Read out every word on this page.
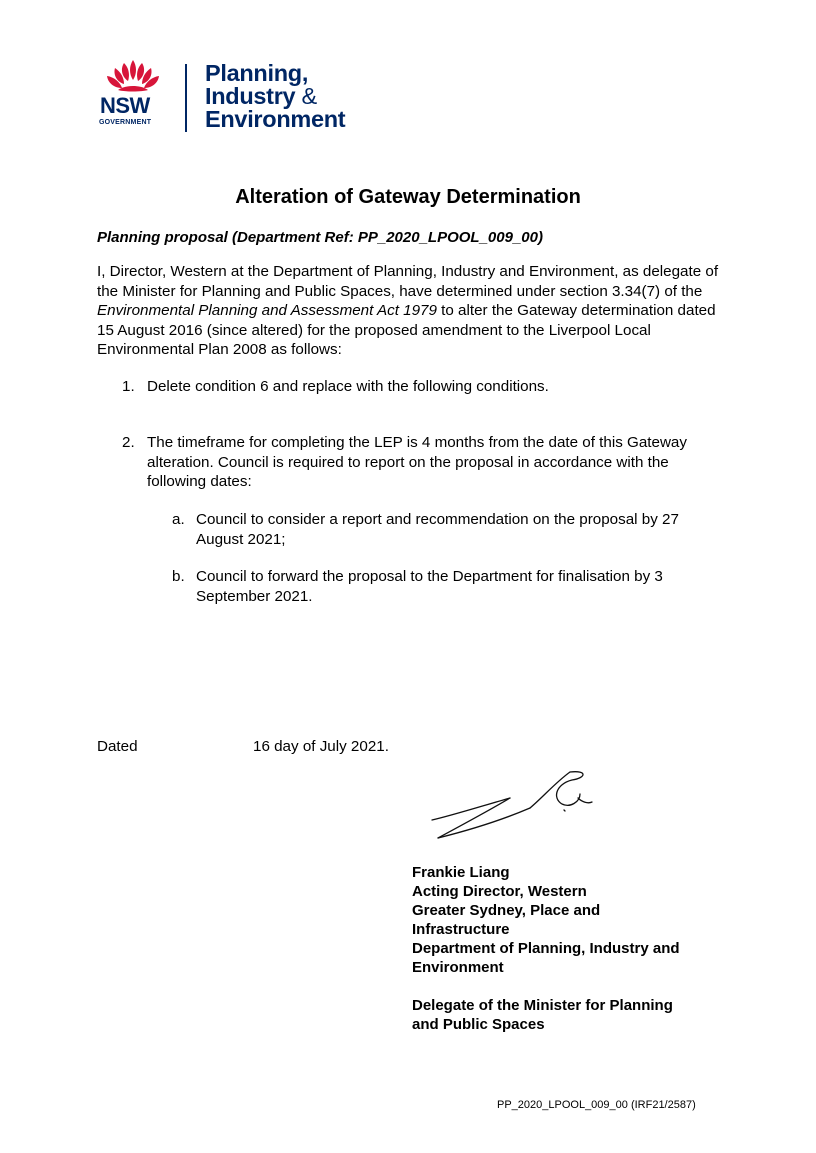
NSW
GOVERNMENT
Planning,
Industry &
Environment
Alteration of Gateway Determination
Planning proposal (Department Ref: PP_2020_LPOOL_009_00)
I, Director, Western at the Department of Planning, Industry and Environment, as delegate of the Minister for Planning and Public Spaces, have determined under section 3.34(7) of the Environmental Planning and Assessment Act 1979 to alter the Gateway determination dated 15 August 2016 (since altered) for the proposed amendment to the Liverpool Local Environmental Plan 2008 as follows:
1. Delete condition 6 and replace with the following conditions.
2. The timeframe for completing the LEP is 4 months from the date of this Gateway alteration. Council is required to report on the proposal in accordance with the following dates:
a. Council to consider a report and recommendation on the proposal by 27 August 2021;
b. Council to forward the proposal to the Department for finalisation by 3 September 2021.
Dated	16 day of July 2021.
Frankie Liang
Acting Director, Western
Greater Sydney, Place and
Infrastructure
Department of Planning, Industry and
Environment
Delegate of the Minister for Planning
and Public Spaces
PP_2020_LPOOL_009_00 (IRF21/2587)
